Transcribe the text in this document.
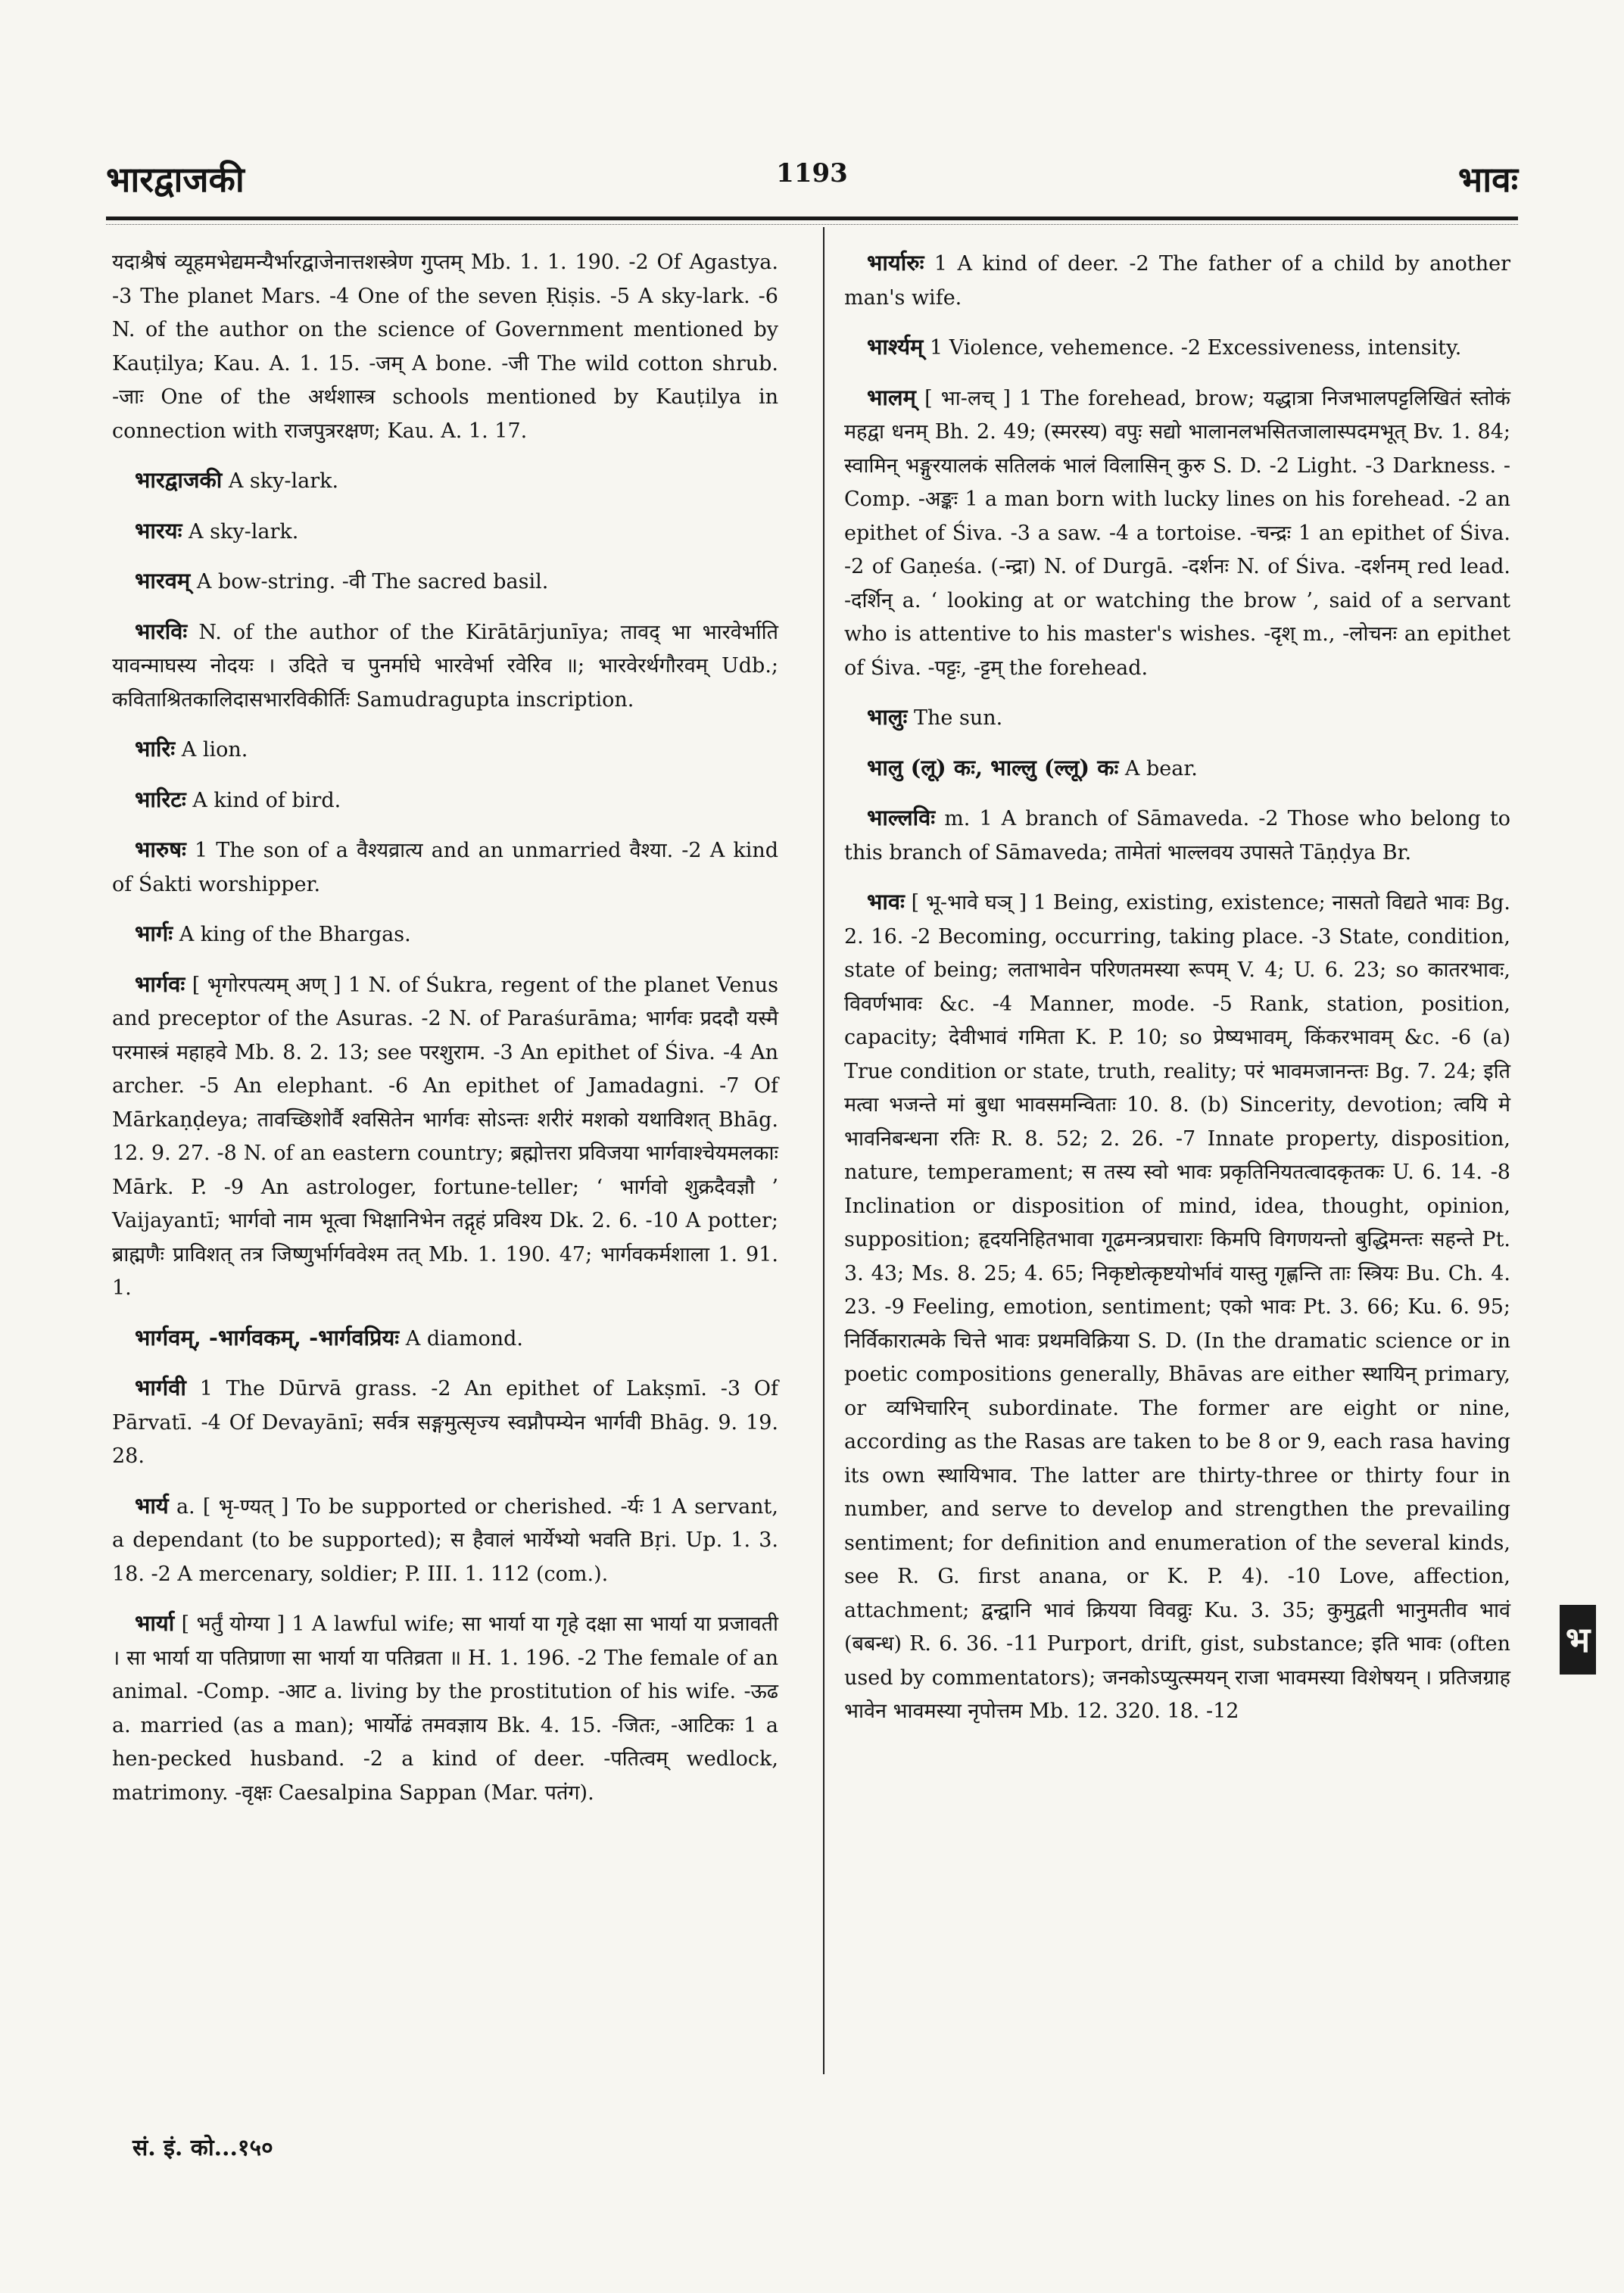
भारद्वाजकी	1193	भावः

यदाश्रैषं व्यूहमभेद्यमन्यैर्भारद्वाजेनात्तशस्त्रेण गुप्तम् Mb. 1. 1. 190. -2 Of Agastya. -3 The planet Mars. -4 One of the seven Ṛiṣis. -5 A sky-lark. -6 N. of the author on the science of Government mentioned by Kauṭilya; Kau. A. 1. 15. -जम् A bone. -जी The wild cotton shrub. -जाः One of the अर्थशास्त्र schools mentioned by Kauṭilya in connection with राजपुत्ररक्षण; Kau. A. 1. 17.

भारद्वाजकी A sky-lark.

भारयः A sky-lark.

भारवम् A bow-string. -वी The sacred basil.

भारविः N. of the author of the Kirātārjunīya; तावद् भा भारवेर्भाति यावन्माघस्य नोदयः । उदिते च पुनर्माघे भारवेर्भा रवेरिव ॥; भारवेरर्थगौरवम् Udb.; कविताश्रितकालिदासभारविकीर्तिः Samudragupta inscription.

भारिः A lion.

भारिटः A kind of bird.

भारुषः 1 The son of a वैश्यव्रात्य and an unmarried वैश्या. -2 A kind of Śakti worshipper.

भार्गः A king of the Bhargas.

भार्गवः [ भृगोरपत्यम् अण् ] 1 N. of Śukra, regent of the planet Venus and preceptor of the Asuras. -2 N. of Paraśurāma; भार्गवः प्रददौ यस्मै परमास्त्रं महाहवे Mb. 8. 2. 13; see परशुराम. -3 An epithet of Śiva. -4 An archer. -5 An elephant. -6 An epithet of Jamadagni. -7 Of Mārkaṇḍeya; तावच्छिशोर्वै श्वसितेन भार्गवः सोऽन्तः शरीरं मशको यथाविशत् Bhāg. 12. 9. 27. -8 N. of an eastern country; ब्रह्मोत्तरा प्रविजया भार्गवाश्चेयमलकाः Mārk. P. -9 An astrologer, fortune-teller; ‘ भार्गवो शुक्रदैवज्ञौ ’ Vaijayantī; भार्गवो नाम भूत्वा भिक्षानिभेन तद्गृहं प्रविश्य Dk. 2. 6. -10 A potter; ब्राह्मणैः प्राविशत् तत्र जिष्णुर्भार्गववेश्म तत् Mb. 1. 190. 47; भार्गवकर्मशाला 1. 91. 1.

भार्गवम्, -भार्गवकम्, -भार्गवप्रियः A diamond.

भार्गवी 1 The Dūrvā grass. -2 An epithet of Lakṣmī. -3 Of Pārvatī. -4 Of Devayānī; सर्वत्र सङ्गमुत्सृज्य स्वप्नौपम्येन भार्गवी Bhāg. 9. 19. 28.

भार्य a. [ भृ-ण्यत् ] To be supported or cherished. -र्यः 1 A servant, a dependant (to be supported); स हैवालं भार्येभ्यो भवति Bṛi. Up. 1. 3. 18. -2 A mercenary, soldier; P. III. 1. 112 (com.).

भार्या [ भर्तुं योग्या ] 1 A lawful wife; सा भार्या या गृहे दक्षा सा भार्या या प्रजावती । सा भार्या या पतिप्राणा सा भार्या या पतिव्रता ॥ H. 1. 196. -2 The female of an animal. -Comp. -आट a. living by the prostitution of his wife. -ऊढ a. married (as a man); भार्योढं तमवज्ञाय Bk. 4. 15. -जितः, -आटिकः 1 a hen-pecked husband. -2 a kind of deer. -पतित्वम् wedlock, matrimony. -वृक्षः Caesalpina Sappan (Mar. पतंग).

भार्यारुः 1 A kind of deer. -2 The father of a child by another man's wife.

भार्श्यम् 1 Violence, vehemence. -2 Excessiveness, intensity.

भालम् [ भा-लच् ] 1 The forehead, brow; यद्धात्रा निजभालपट्टलिखितं स्तोकं महद्वा धनम् Bh. 2. 49; (स्मरस्य) वपुः सद्यो भालानलभसितजालास्पदमभूत् Bv. 1. 84; स्वामिन् भङ्गुरयालकं सतिलकं भालं विलासिन् कुरु S. D. -2 Light. -3 Darkness. -Comp. -अङ्कः 1 a man born with lucky lines on his forehead. -2 an epithet of Śiva. -3 a saw. -4 a tortoise. -चन्द्रः 1 an epithet of Śiva. -2 of Gaṇeśa. (-न्द्रा) N. of Durgā. -दर्शनः N. of Śiva. -दर्शनम् red lead. -दर्शिन् a. ‘ looking at or watching the brow ’, said of a servant who is attentive to his master's wishes. -दृश् m., -लोचनः an epithet of Śiva. -पट्टः, -ट्टम् the forehead.

भालुः The sun.

भालु (लू) कः, भाल्लु (ल्लू) कः A bear.

भाल्लविः m. 1 A branch of Sāmaveda. -2 Those who belong to this branch of Sāmaveda; तामेतां भाल्लवय उपासते Tāṇḍya Br.

भावः [ भू-भावे घञ् ] 1 Being, existing, existence; नासतो विद्यते भावः Bg. 2. 16. -2 Becoming, occurring, taking place. -3 State, condition, state of being; लताभावेन परिणतमस्या रूपम् V. 4; U. 6. 23; so कातरभावः, विवर्णभावः &c. -4 Manner, mode. -5 Rank, station, position, capacity; देवीभावं गमिता K. P. 10; so प्रेष्यभावम्, किंकरभावम् &c. -6 (a) True condition or state, truth, reality; परं भावमजानन्तः Bg. 7. 24; इति मत्वा भजन्ते मां बुधा भावसमन्विताः 10. 8. (b) Sincerity, devotion; त्वयि मे भावनिबन्धना रतिः R. 8. 52; 2. 26. -7 Innate property, disposition, nature, temperament; स तस्य स्वो भावः प्रकृतिनियतत्वादकृतकः U. 6. 14. -8 Inclination or disposition of mind, idea, thought, opinion, supposition; हृदयनिहितभावा गूढमन्त्रप्रचाराः किमपि विगणयन्तो बुद्धिमन्तः सहन्ते Pt. 3. 43; Ms. 8. 25; 4. 65; निकृष्टोत्कृष्टयोर्भावं यास्तु गृह्णन्ति ताः स्त्रियः Bu. Ch. 4. 23. -9 Feeling, emotion, sentiment; एको भावः Pt. 3. 66; Ku. 6. 95; निर्विकारात्मके चित्ते भावः प्रथमविक्रिया S. D. (In the dramatic science or in poetic compositions generally, Bhāvas are either स्थायिन् primary, or व्यभिचारिन् subordinate. The former are eight or nine, according as the Rasas are taken to be 8 or 9, each rasa having its own स्थायिभाव. The latter are thirty-three or thirty four in number, and serve to develop and strengthen the prevailing sentiment; for definition and enumeration of the several kinds, see R. G. first anana, or K. P. 4). -10 Love, affection, attachment; द्वन्द्वानि भावं क्रियया विवव्रुः Ku. 3. 35; कुमुद्वती भानुमतीव भावं (बबन्ध) R. 6. 36. -11 Purport, drift, gist, substance; इति भावः (often used by commentators); जनकोऽप्युत्स्मयन् राजा भावमस्या विशेषयन् । प्रतिजग्राह भावेन भावमस्या नृपोत्तम Mb. 12. 320. 18. -12

सं. इं. को...१५०
भ
